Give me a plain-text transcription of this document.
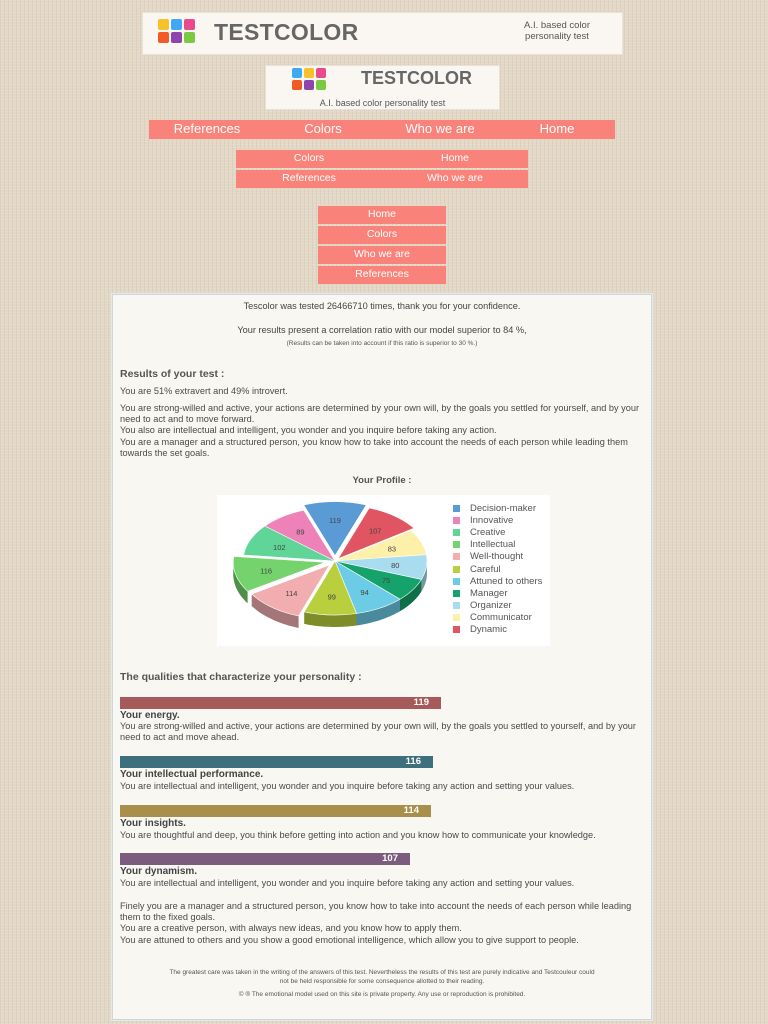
TESTCOLOR	A.I. based color
personality test
TESTCOLOR
A.I. based color personality test
References	Colors	Who we are	Home
Colors	Home
References	Who we are
Home
Colors
Who we are
References
Tescolor was tested 26466710 times, thank you for your confidence.
Your results present a correlation ratio with our model superior to 84 %,
(Results can be taken into account if this ratio is superior to 30 %.)
Results of your test :
You are 51% extravert and 49% introvert.
You are strong-willed and active, your actions are determined by your own will, by the goals you settled for yourself, and by your need to act and to move forward.
You also are intellectual and intelligent, you wonder and you inquire before taking any action.
You are a manager and a structured person, you know how to take into account the needs of each person while leading them towards the set goals.
Your Profile :
119
107
83
80
75
94
99
114
116
102
89
Decision-maker
Innovative
Creative
Intellectual
Well-thought
Careful
Attuned to others
Manager
Organizer
Communicator
Dynamic
The qualities that characterize your personality :
119
Your energy.
You are strong-willed and active, your actions are determined by your own will, by the goals you settled to yourself, and by your need to act and move ahead.
116
Your intellectual performance.
You are intellectual and intelligent, you wonder and you inquire before taking any action and setting your values.
114
Your insights.
You are thoughtful and deep, you think before getting into action and you know how to communicate your knowledge.
107
Your dynamism.
You are intellectual and intelligent, you wonder and you inquire before taking any action and setting your values.
Finely you are a manager and a structured person, you know how to take into account the needs of each person while leading them to the fixed goals.
You are a creative person, with always new ideas, and you know how to apply them.
You are attuned to others and you show a good emotional intelligence, which allow you to give support to people.
The greatest care was taken in the writing of the answers of this test. Nevertheless the results of this test are purely indicative and Testcouleur could
not be held responsible for some consequence allotted to their reading.
© ® The emotional model used on this site is private property. Any use or reproduction is prohibited.
